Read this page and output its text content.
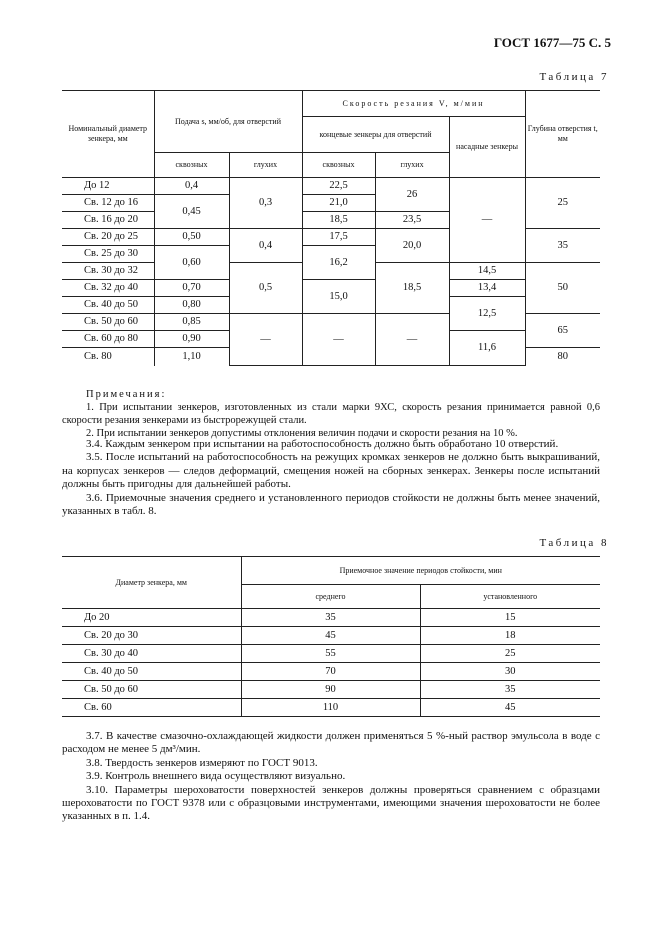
ГОСТ 1677—75 С. 5
Таблица 7
Номинальный диаметр зенкера, мм	Подача s, мм/об, для отверстий		Скорость резания V, м/мин			Глубина отверстия t, мм
			концевые зенкеры для отверстий		насадные зенкеры	
	сквозных	глухих	сквозных	глухих		
До 12	0,4	0,3	22,5	26	—	25
Св. 12 до 16	0,45		21,0			
Св. 16 до 20			18,5	23,5		
Св. 20 до 25	0,50	0,4	17,5	20,0		35
Св. 25 до 30	0,60		16,2			
Св. 30 до 32		0,5		18,5	14,5	50
Св. 32 до 40	0,70		15,0		13,4	
Св. 40 до 50	0,80				12,5	
Св. 50 до 60	0,85	—	—	—		65
Св. 60 до 80	0,90				11,6	
Св. 80	1,10					80
Примечания:
1. При испытании зенкеров, изготовленных из стали марки 9ХС, скорость резания принимается равной 0,6 скорости резания зенкерами из быстрорежущей стали.
2. При испытании зенкеров допустимы отклонения величин подачи и скорости резания на 10 %.

3.4. Каждым зенкером при испытании на работоспособность должно быть обработано 10 отверстий.

3.5. После испытаний на работоспособность на режущих кромках зенкеров не должно быть выкрашиваний, на корпусах зенкеров — следов деформаций, смещения ножей на сборных зенкерах. Зенкеры после испытаний должны быть пригодны для дальнейшей работы.

3.6. Приемочные значения среднего и установленного периодов стойкости не должны быть менее значений, указанных в табл. 8.

Таблица 8
Диаметр зенкера, мм	Приемочное значение периодов стойкости, мин	
	среднего	установленного
До 20	35	15
Св. 20 до 30	45	18
Св. 30 до 40	55	25
Св. 40 до 50	70	30
Св. 50 до 60	90	35
Св. 60	110	45

3.7. В качестве смазочно-охлаждающей жидкости должен применяться 5 %-ный раствор эмульсола в воде с расходом не менее 5 дм³/мин.

3.8. Твердость зенкеров измеряют по ГОСТ 9013.

3.9. Контроль внешнего вида осуществляют визуально.

3.10. Параметры шероховатости поверхностей зенкеров должны проверяться сравнением с образцами шероховатости по ГОСТ 9378 или с образцовыми инструментами, имеющими значения шероховатости не более указанных в п. 1.4.
